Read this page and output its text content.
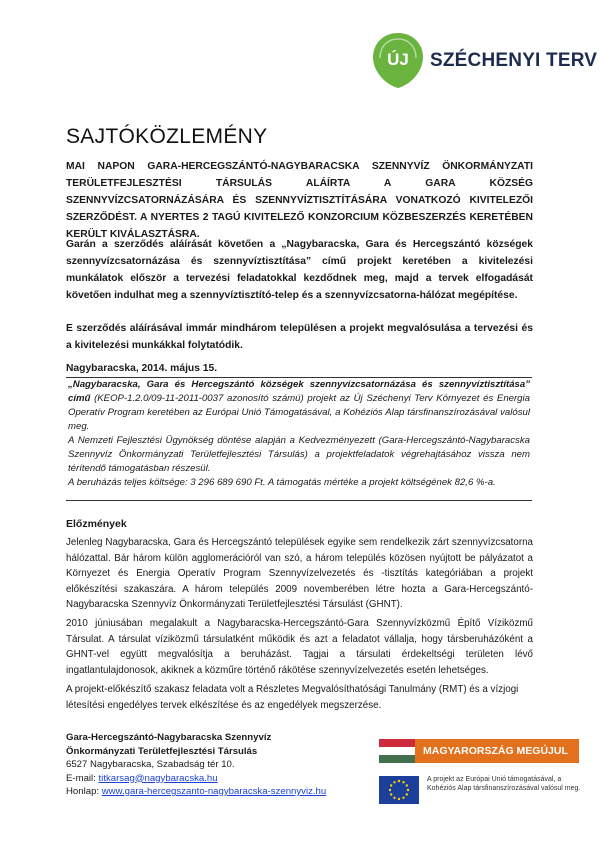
ÚJ SZÉCHENYI TERV
SAJTÓKÖZLEMÉNY
MAI NAPON GARA-HERCEGSZÁNTÓ-NAGYBARACSKA SZENNYVÍZ ÖNKORMÁNYZATI TERÜLETFEJLESZTÉSI TÁRSULÁS ALÁÍRTA A GARA KÖZSÉG SZENNYVÍZCSATORNÁZÁSÁRA ÉS SZENNYVÍZTISZTÍTÁSÁRA VONATKOZÓ KIVITELEZŐI SZERZŐDÉST. A NYERTES 2 TAGÚ KIVITELEZŐ KONZORCIUM KÖZBESZERZÉS KERETÉBEN KERÜLT KIVÁLASZTÁSRA.
Garán a szerződés aláírását követően a „Nagybaracska, Gara és Hercegszántó községek szennyvízcsatornázása és szennyvíztisztítása” című projekt keretében a kivitelezési munkálatok először a tervezési feladatokkal kezdődnek meg, majd a tervek elfogadását követően indulhat meg a szennyvíztisztító-telep és a szennyvízcsatorna-hálózat megépítése.
E szerződés aláírásával immár mindhárom településen a projekt megvalósulása a tervezési és a kivitelezési munkákkal folytatódik.
Nagybaracska, 2014. május 15.

„Nagybaracska, Gara és Hercegszántó községek szennyvízcsatornázása és szennyvíztisztítása” című (KEOP-1.2.0/09-11-2011-0037 azonosító számú) projekt az Új Széchenyi Terv Környezet és Energia Operatív Program keretében az Európai Unió Támogatásával, a Kohéziós Alap társfinanszírozásával valósul meg.

A Nemzeti Fejlesztési Ügynökség döntése alapján a Kedvezményezett (Gara-Hercegszántó-Nagybaracska Szennyvíz Önkormányzati Területfejlesztési Társulás) a projektfeladatok végrehajtásához vissza nem térítendő támogatásban részesül.

A beruházás teljes költsége: 3 296 689 690 Ft. A támogatás mértéke a projekt költségének 82,6 %-a.

Előzmények

Jelenleg Nagybaracska, Gara és Hercegszántó települések egyike sem rendelkezik zárt szennyvízcsatorna hálózattal. Bár három külön agglomerációról van szó, a három település közösen nyújtott be pályázatot a Környezet és Energia Operatív Program Szennyvízelvezetés és -tisztítás kategóriában a projekt előkészítési szakaszára. A három település 2009 novemberében létre hozta a Gara-Hercegszántó-Nagybaracska Szennyvíz Önkormányzati Területfejlesztési Társulást (GHNT).

2010 júniusában megalakult a Nagybaracska-Hercegszántó-Gara Szennyvízközmű Építő Víziközmű Társulat. A társulat víziközmű társulatként működik és azt a feladatot vállalja, hogy társberuházóként a GHNT-vel együtt megvalósítja a beruházást. Tagjai a társulati érdekeltségi területen lévő ingatlantulajdonosok, akiknek a közműre történő rákötése szennyvízelvezetés esetén lehetséges.

A projekt-előkészítő szakasz feladata volt a Részletes Megvalósíthatósági Tanulmány (RMT) és a vízjogi létesítési engedélyes tervek elkészítése és az engedélyek megszerzése.

Gara-Hercegszántó-Nagybaracska Szennyvíz
Önkormányzati Területfejlesztési Társulás
6527 Nagybaracska, Szabadság tér 10.
E-mail: titkarsag@nagybaracska.hu
Honlap: www.gara-hercegszanto-nagybaracska-szennyviz.hu
MAGYARORSZÁG MEGÚJUL
A projekt az Európai Unió támogatásával, a Kohéziós Alap társfinanszírozásával valósul meg.
